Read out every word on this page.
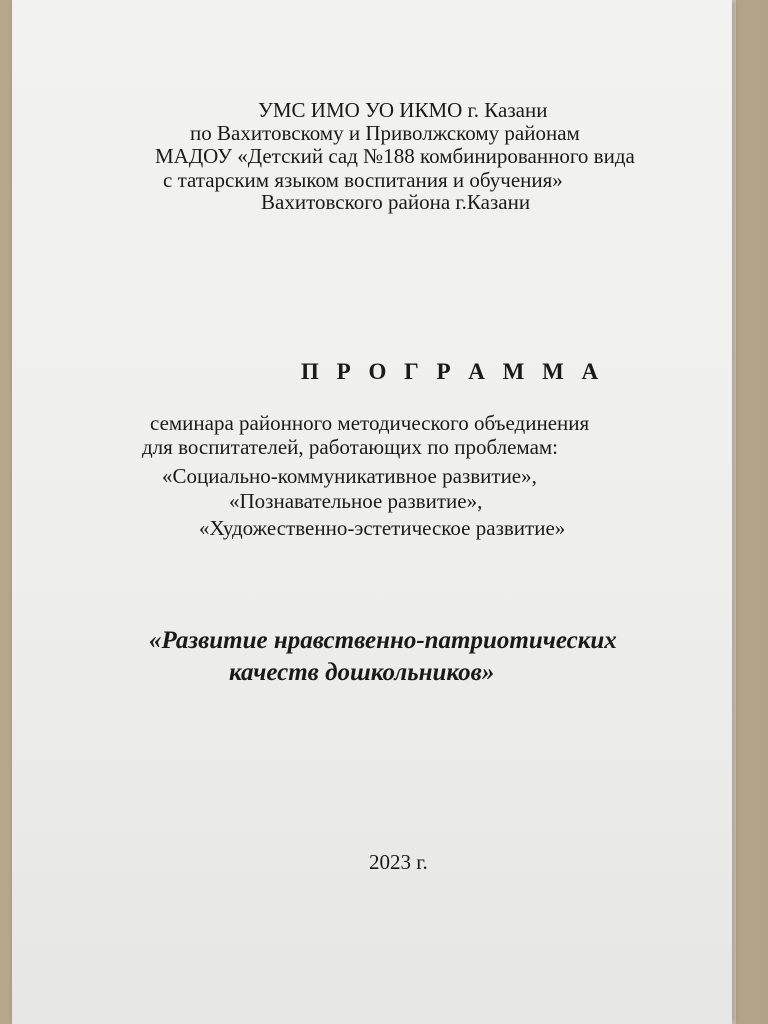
УМС ИМО УО ИКМО г. Казани
по Вахитовскому и Приволжскому районам
МАДОУ «Детский сад №188 комбинированного вида
с татарским языком воспитания и обучения»
Вахитовского района г.Казани
П Р О Г Р А М М А
семинара районного методического объединения
для воспитателей, работающих по проблемам:
«Социально-коммуникативное развитие»,
«Познавательное развитие»,
«Художественно-эстетическое развитие»
«Развитие нравственно-патриотических
качеств дошкольников»
2023 г.
